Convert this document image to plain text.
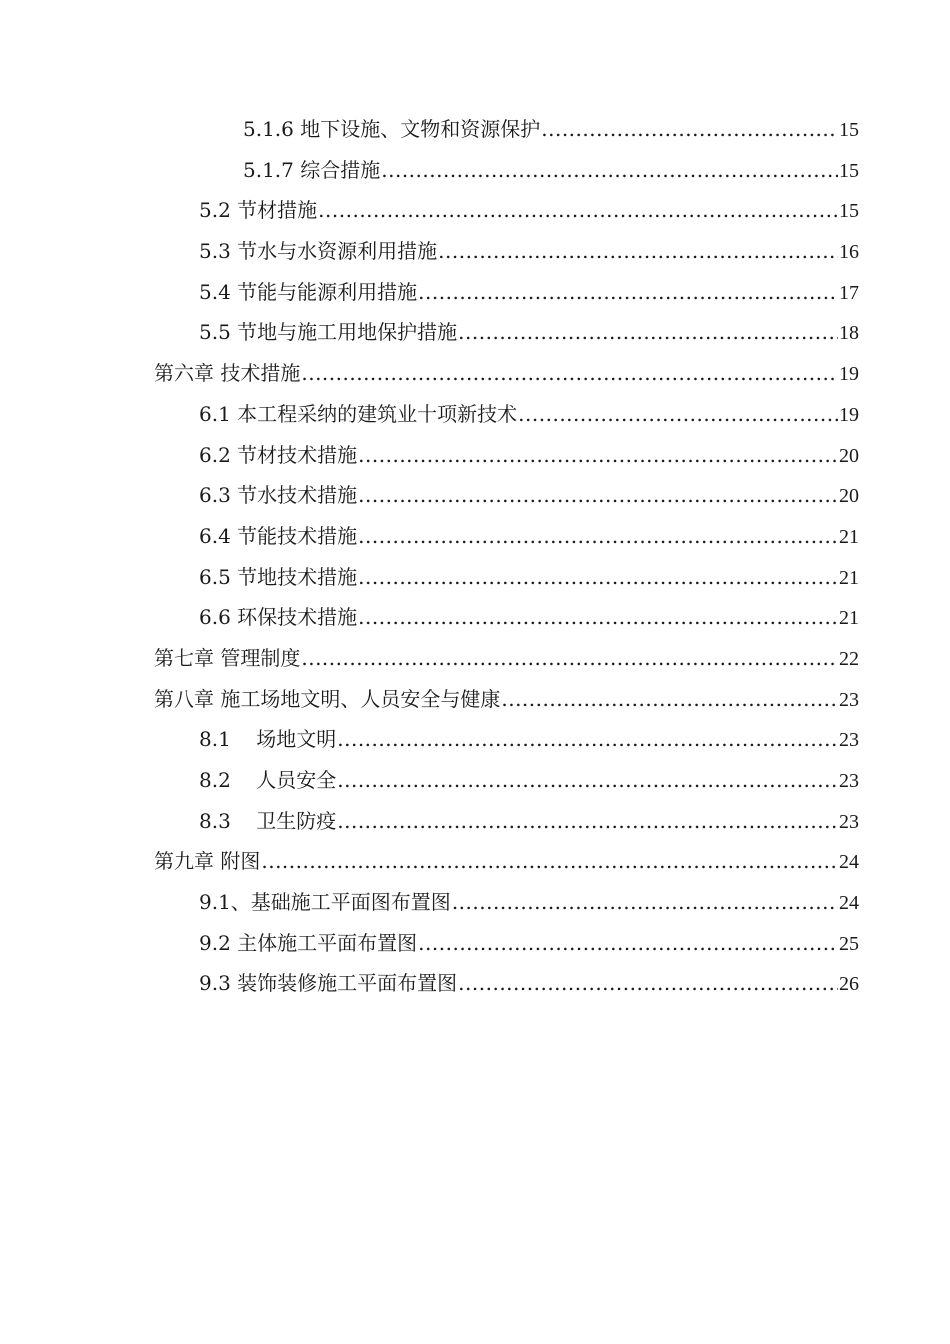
5.1.6 地下设施、文物和资源保护 .....	15
5.1.7 综合措施 .....	15
5.2 节材措施 .....	15
5.3 节水与水资源利用措施 .....	16
5.4 节能与能源利用措施 .....	17
5.5 节地与施工用地保护措施 .....	18
第六章 技术措施 .....	19
6.1 本工程采纳的建筑业十项新技术 .....	19
6.2 节材技术措施 .....	20
6.3 节水技术措施 .....	20
6.4 节能技术措施 .....	21
6.5 节地技术措施 .....	21
6.6 环保技术措施 .....	21
第七章 管理制度 .....	22
第八章 施工场地文明、人员安全与健康 .....	23
8.1    场地文明 .....	23
8.2    人员安全 .....	23
8.3    卫生防疫 .....	23
第九章 附图 .....	24
9.1、基础施工平面图布置图 .....	24
9.2 主体施工平面布置图 .....	25
9.3 装饰装修施工平面布置图 .....	26
